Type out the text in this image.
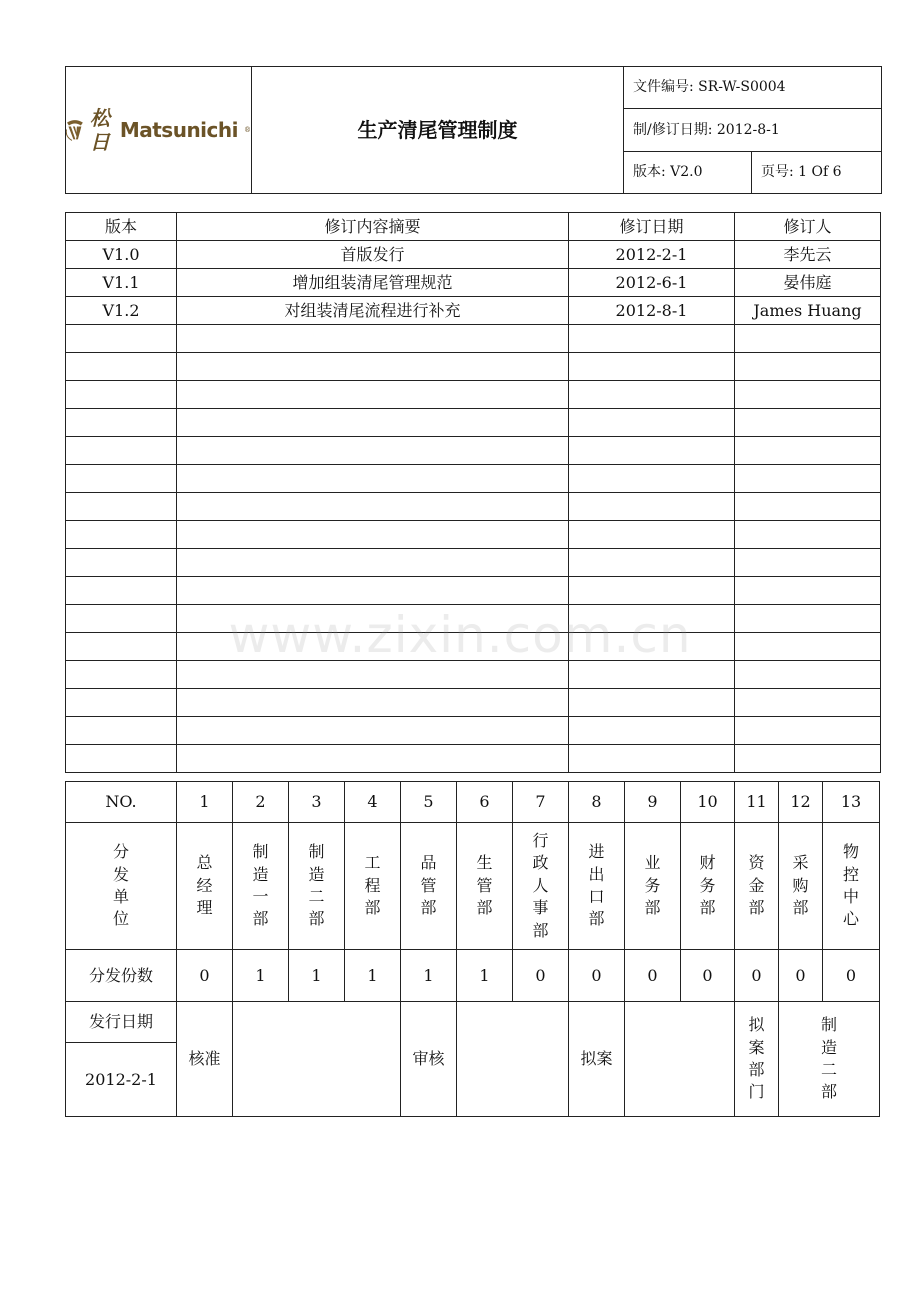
松日 Matsunichi ®	生产清尾管理制度	文件编号: SR-W-S0004	
		制/修订日期: 2012-8-1	
		版本: V2.0	页号: 1 Of 6
版本	修订内容摘要	修订日期	修订人
V1.0	首版发行	2012-2-1	李先云
V1.1	增加组装清尾管理规范	2012-6-1	晏伟庭
V1.2	对组装清尾流程进行补充	2012-8-1	James Huang

NO.	1	2	3	4	5	6	7	8	9	10	11	12	13
分发单位	总经理	制造一部	制造二部	工程部	品管部	生管部	行政人事部	进出口部	业务部	财务部	资金部	采购部	物控中心
分发份数	0	1	1	1	1	1	0	0	0	0	0	0	0
发行日期	核准				审核			拟案			拟案部门	制造二部	
2012-2-1													
www.zixin.com.cn
